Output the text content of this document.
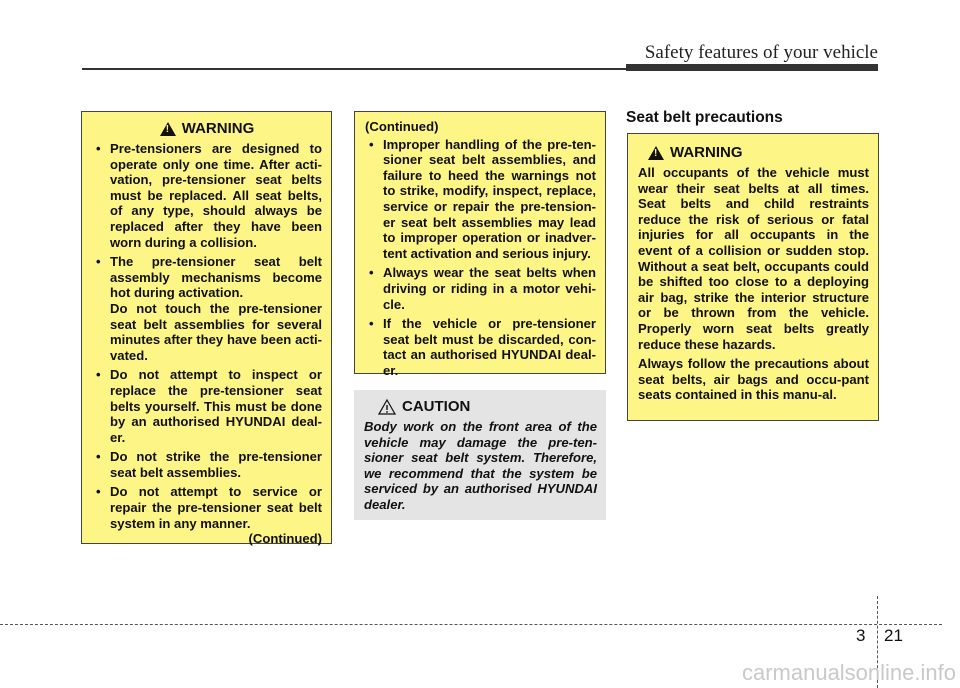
Safety features of your vehicle
!
WARNING
• Pre-tensioners are designed to operate only one time. After acti-vation, pre-tensioner seat belts must be replaced. All seat belts, of any type, should always be replaced after they have been worn during a collision.
• The pre-tensioner seat belt assembly mechanisms become hot during activation.
Do not touch the pre-tensioner seat belt assemblies for several minutes after they have been acti-vated.
• Do not attempt to inspect or replace the pre-tensioner seat belts yourself. This must be done by an authorised HYUNDAI deal-er.
• Do not strike the pre-tensioner seat belt assemblies.
• Do not attempt to service or repair the pre-tensioner seat belt system in any manner.
(Continued)
(Continued)
• Improper handling of the pre-ten-sioner seat belt assemblies, and failure to heed the warnings not to strike, modify, inspect, replace, service or repair the pre-tension-er seat belt assemblies may lead to improper operation or inadver-tent activation and serious injury.
• Always wear the seat belts when driving or riding in a motor vehi-cle.
• If the vehicle or pre-tensioner seat belt must be discarded, con-tact an authorised HYUNDAI deal-er.
CAUTION
Body work on the front area of the vehicle may damage the pre-ten-sioner seat belt system. Therefore, we recommend that the system be serviced by an authorised HYUNDAI dealer.
Seat belt precautions
!
WARNING
All occupants of the vehicle must wear their seat belts at all times. Seat belts and child restraints reduce the risk of serious or fatal injuries for all occupants in the event of a collision or sudden stop. Without a seat belt, occupants could be shifted too close to a deploying air bag, strike the interior structure or be thrown from the vehicle. Properly worn seat belts greatly reduce these hazards.
Always follow the precautions about seat belts, air bags and occu-pant seats contained in this manu-al.
3 21
carmanualsonline.info
